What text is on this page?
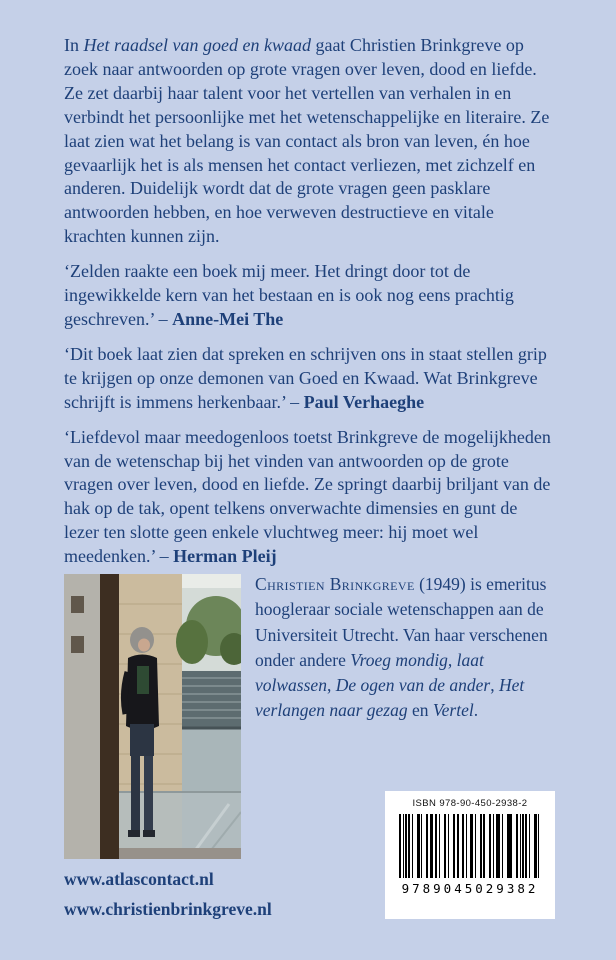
In Het raadsel van goed en kwaad gaat Christien Brinkgreve op zoek naar antwoorden op grote vragen over leven, dood en liefde. Ze zet daarbij haar talent voor het vertellen van verhalen in en verbindt het persoonlijke met het wetenschappelijke en literaire. Ze laat zien wat het belang is van contact als bron van leven, én hoe gevaarlijk het is als mensen het contact verliezen, met zichzelf en anderen. Duidelijk wordt dat de grote vragen geen pasklare antwoorden hebben, en hoe verweven destructieve en vitale krachten kunnen zijn.

‘Zelden raakte een boek mij meer. Het dringt door tot de ingewikkelde kern van het bestaan en is ook nog eens prachtig geschreven.’ – Anne-Mei The

‘Dit boek laat zien dat spreken en schrijven ons in staat stellen grip te krijgen op onze demonen van Goed en Kwaad. Wat Brinkgreve schrijft is immens herkenbaar.’ – Paul Verhaeghe

‘Liefdevol maar meedogenloos toetst Brinkgreve de mogelijkheden van de wetenschap bij het vinden van antwoorden op de grote vragen over leven, dood en liefde. Ze springt daarbij briljant van de hak op de tak, opent telkens onverwachte dimensies en gunt de lezer ten slotte geen enkele vluchtweg meer: hij moet wel meedenken.’ – Herman Pleij

Christien Brinkgreve (1949) is emeritus hoogleraar sociale wetenschappen aan de Universiteit Utrecht. Van haar verschenen onder andere Vroeg mondig, laat volwassen, De ogen van de ander, Het verlangen naar gezag en Vertel.
ISBN 978-90-450-2938-2
9789045029382
www.atlascontact.nl
www.christienbrinkgreve.nl
